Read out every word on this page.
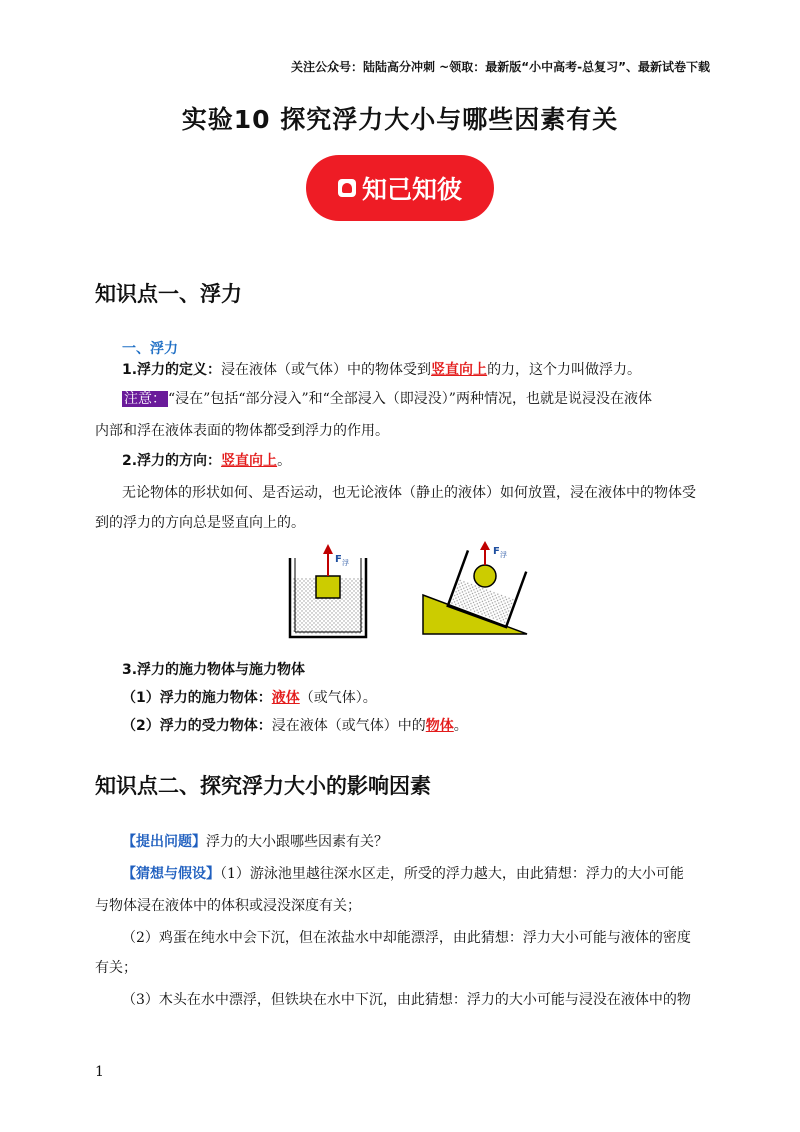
关注公众号：陆陆高分冲刺 ~领取：最新版“小中高考-总复习”、最新试卷下载
实验10 探究浮力大小与哪些因素有关
知己知彼
知识点一、浮力
一、浮力
1.浮力的定义：浸在液体（或气体）中的物体受到竖直向上的力，这个力叫做浮力。
注意： “浸在”包括“部分浸入”和“全部浸入（即浸没）”两种情况，也就是说浸没在液体
内部和浮在液体表面的物体都受到浮力的作用。
2.浮力的方向：竖直向上。
无论物体的形状如何、是否运动，也无论液体（静止的液体）如何放置，浸在液体中的物体受
到的浮力的方向总是竖直向上的。
F 浮
F 浮
3.浮力的施力物体与施力物体
（1）浮力的施力物体：液体（或气体）。
（2）浮力的受力物体：浸在液体（或气体）中的物体。
知识点二、探究浮力大小的影响因素
【提出问题】浮力的大小跟哪些因素有关？
【猜想与假设】（1）游泳池里越往深水区走，所受的浮力越大，由此猜想：浮力的大小可能
与物体浸在液体中的体积或浸没深度有关；
（2）鸡蛋在纯水中会下沉，但在浓盐水中却能漂浮，由此猜想：浮力大小可能与液体的密度
有关；
（3）木头在水中漂浮，但铁块在水中下沉，由此猜想：浮力的大小可能与浸没在液体中的物
1
